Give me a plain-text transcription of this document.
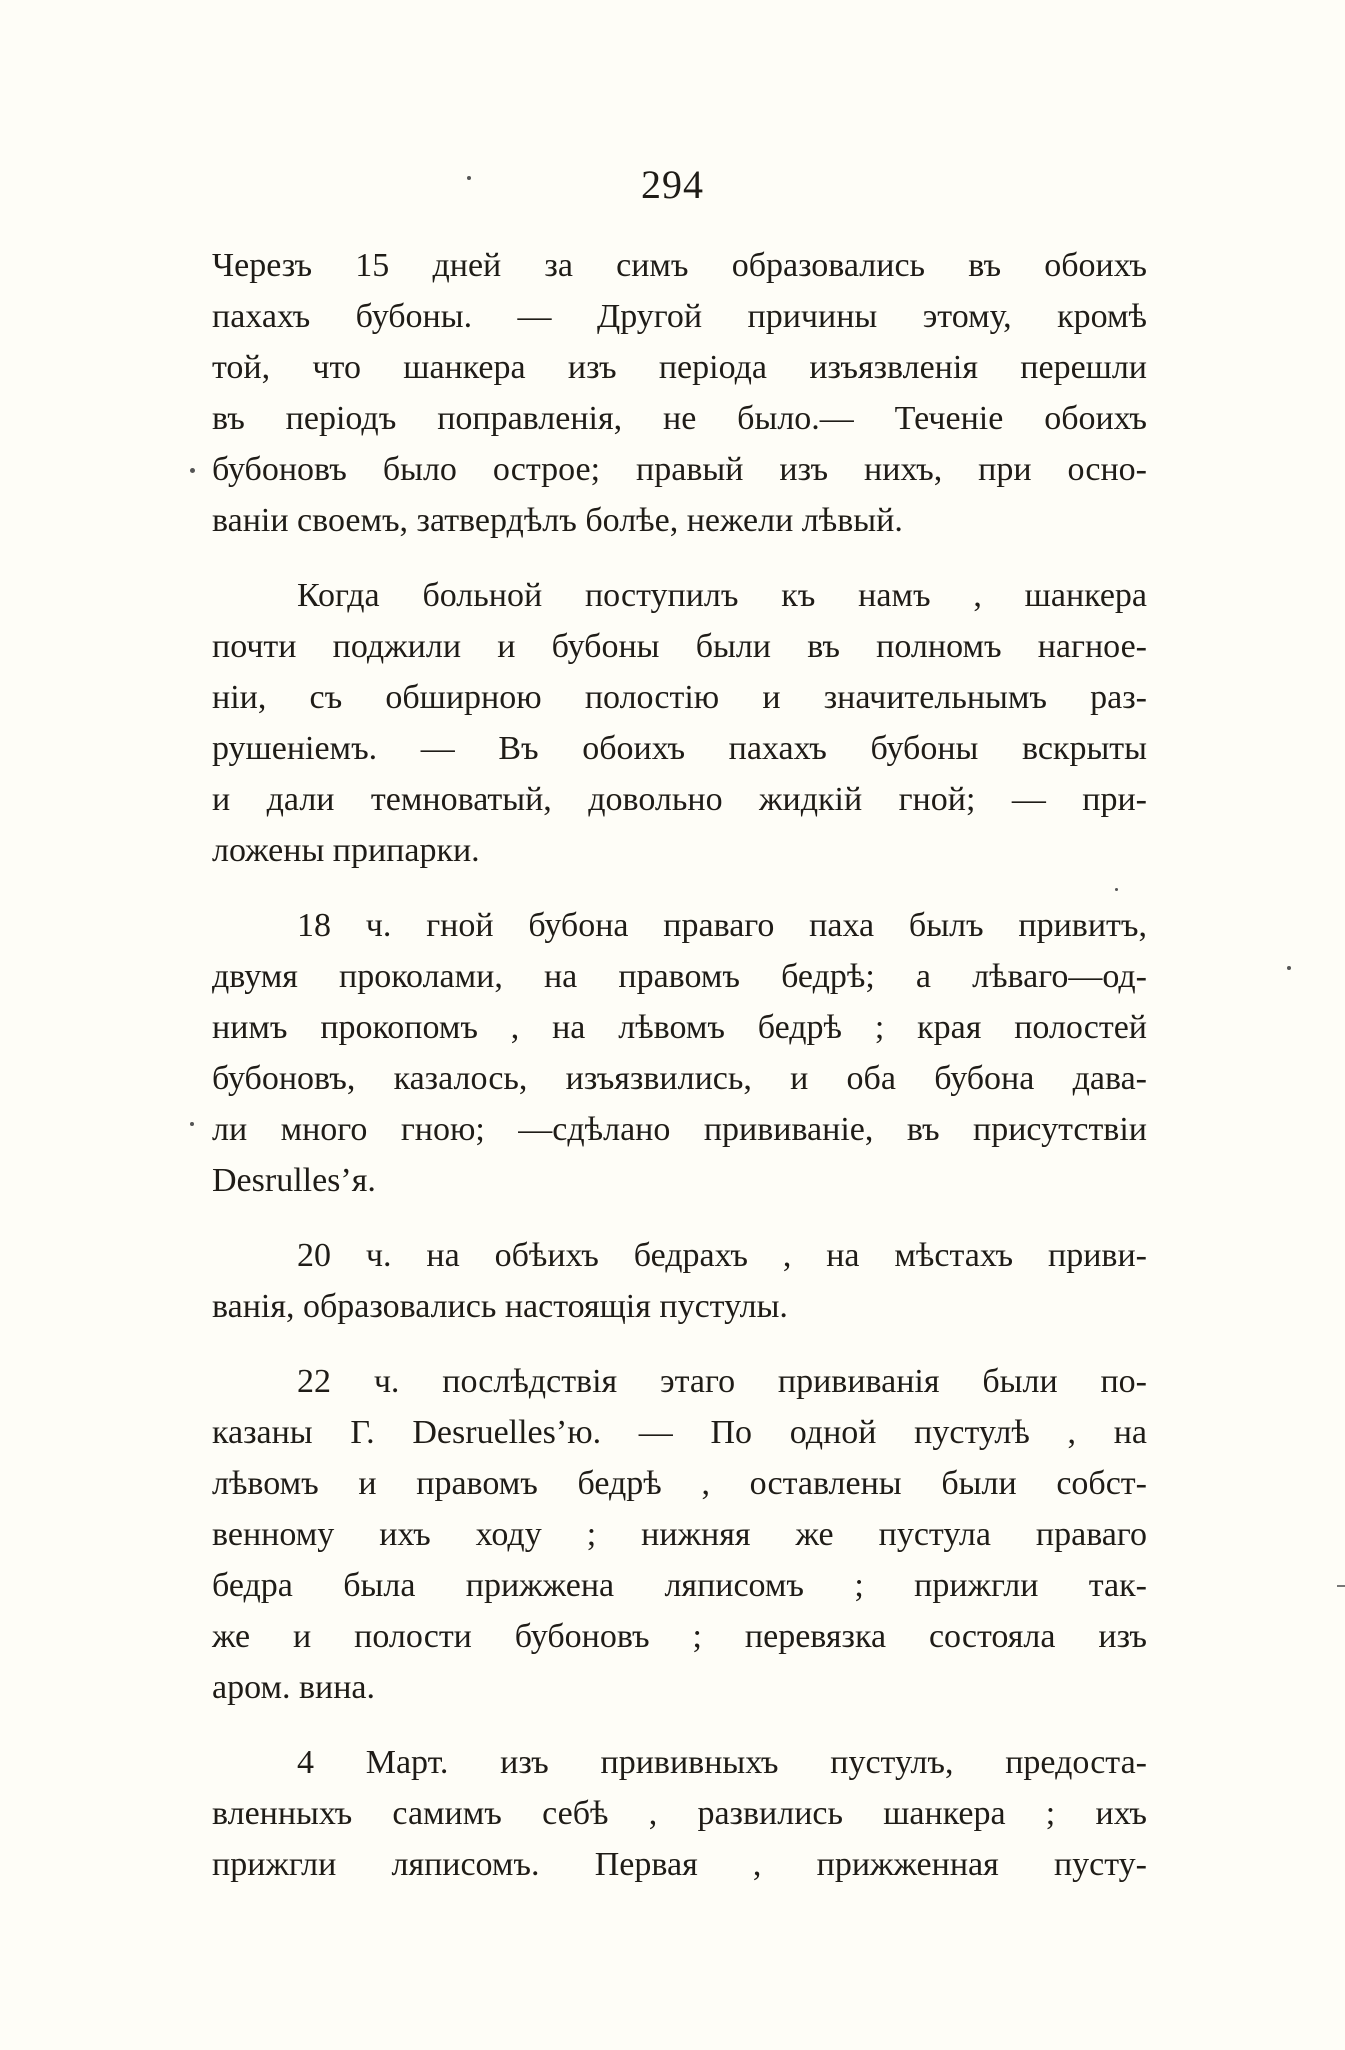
294

Черезъ 15 дней за симъ образовались въ обоихъ
пахахъ бубоны. — Другой причины этому, кромѣ
той, что шанкера изъ періода изъязвленія перешли
въ періодъ поправленія, не было.— Теченіе обоихъ
бубоновъ было острое; правый изъ нихъ, при осно-
ваніи своемъ, затвердѣлъ болѣе, нежели лѣвый.

Когда больной поступилъ къ намъ , шанкера
почти поджили и бубоны были въ полномъ нагное-
ніи, съ обширною полостію и значительнымъ раз-
рушеніемъ. — Въ обоихъ пахахъ бубоны вскрыты
и дали темноватый, довольно жидкій гной; — при-
ложены припарки.

18 ч. гной бубона праваго паха былъ привитъ,
двумя проколами, на правомъ бедрѣ; а лѣваго—од-
нимъ прокопомъ , на лѣвомъ бедрѣ ; края полостей
бубоновъ, казалось, изъязвились, и оба бубона дава-
ли много гною; —сдѣлано прививаніе, въ присутствіи
Desrulles’я.

20 ч. на обѣихъ бедрахъ , на мѣстахъ приви-
ванія, образовались настоящія пустулы.

22 ч. послѣдствія этаго прививанія были по-
казаны Г. Desruelles’ю. — По одной пустулѣ , на
лѣвомъ и правомъ бедрѣ , оставлены были собст-
венному ихъ ходу ; нижняя же пустула праваго
бедра была прижжена ляписомъ ; прижгли так-
же и полости бубоновъ ; перевязка состояла изъ
аром. вина.

4 Март. изъ прививныхъ пустулъ, предоста-
вленныхъ самимъ себѣ , развились шанкера ; ихъ
прижгли ляписомъ. Первая , прижженная пусту-
